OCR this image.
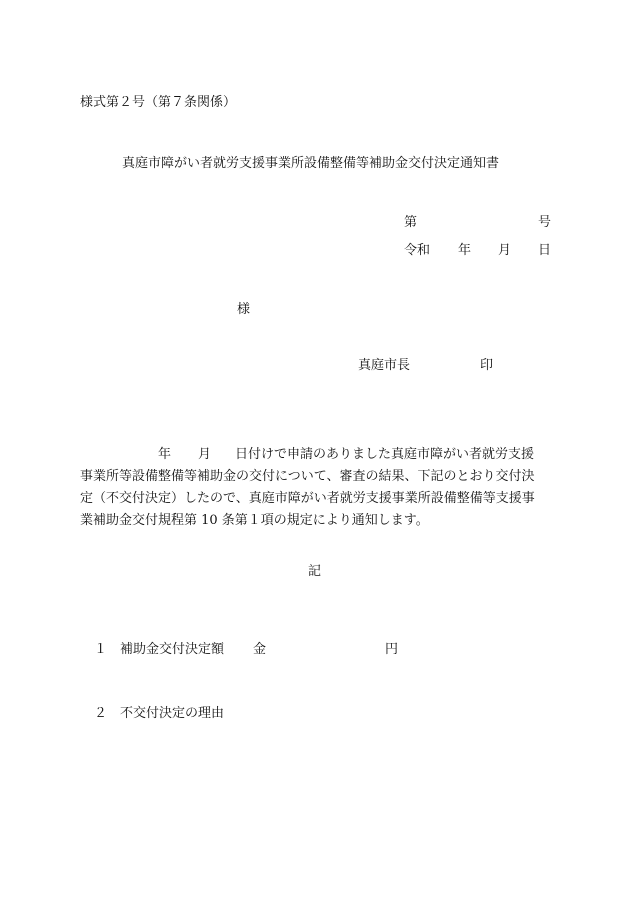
様式第２号（第７条関係）
真庭市障がい者就労支援事業所設備整備等補助金交付決定通知書
第	号
令和 年 月 日
様
真庭市長	印
年 月 日付けで申請のありました真庭市障がい者就労支援
事業所等設備整備等補助金の交付について、審査の結果、下記のとおり交付決
定（不交付決定）したので、真庭市障がい者就労支援事業所設備整備等支援事
業補助金交付規程第 10 条第１項の規定により通知します。
記
１ 補助金交付決定額 金	円
２ 不交付決定の理由
